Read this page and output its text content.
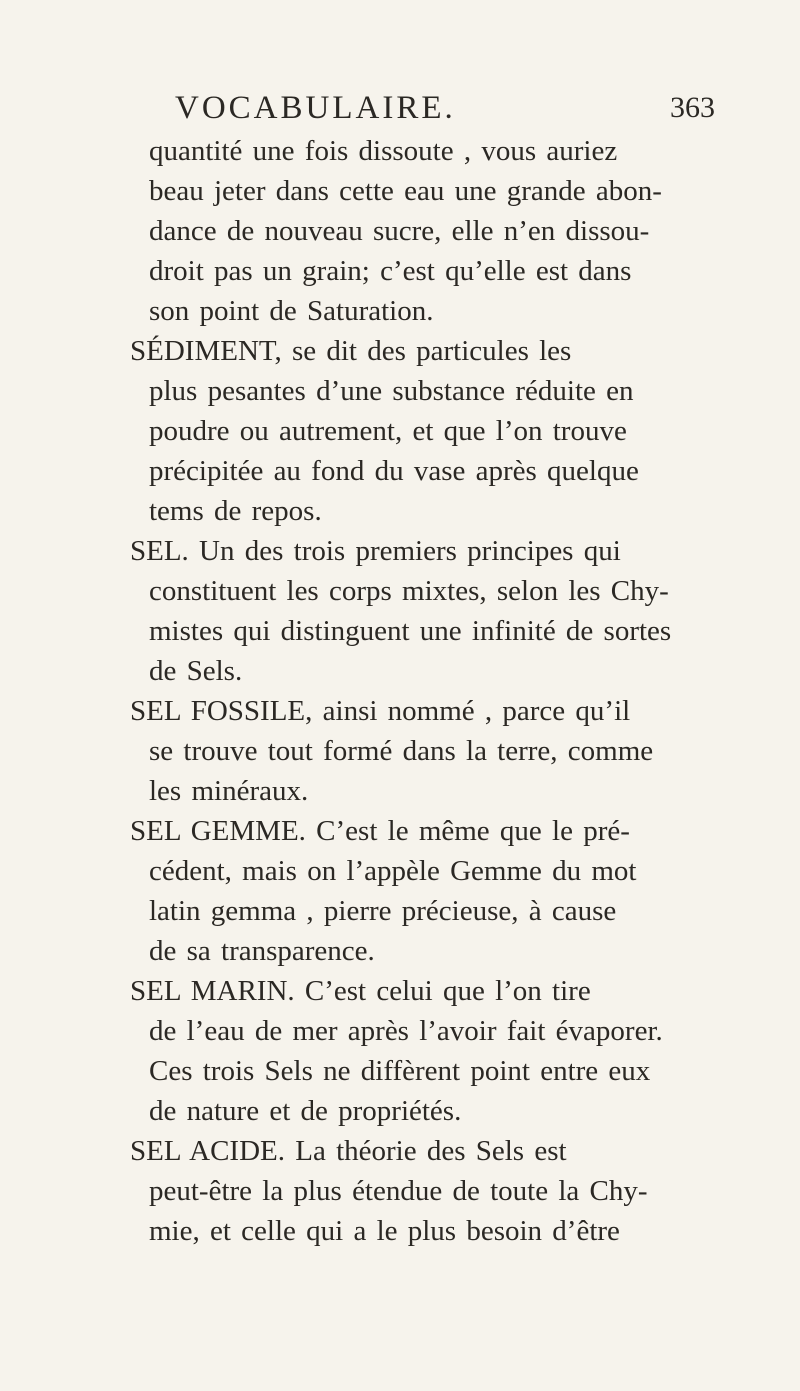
VOCABULAIRE.	363
quantité une fois dissoute , vous auriez
beau jeter dans cette eau une grande abon-
dance de nouveau sucre, elle n’en dissou-
droit pas un grain; c’est qu’elle est dans
son point de Saturation.
SÉDIMENT, se dit des particules les
plus pesantes d’une substance réduite en
poudre ou autrement, et que l’on trouve
précipitée au fond du vase après quelque
tems de repos.
SEL. Un des trois premiers principes qui
constituent les corps mixtes, selon les Chy-
mistes qui distinguent une infinité de sortes
de Sels.
SEL FOSSILE, ainsi nommé , parce qu’il
se trouve tout formé dans la terre, comme
les minéraux.
SEL GEMME. C’est le même que le pré-
cédent, mais on l’appèle Gemme du mot
latin gemma , pierre précieuse, à cause
de sa transparence.
SEL MARIN. C’est celui que l’on tire
de l’eau de mer après l’avoir fait évaporer.
Ces trois Sels ne diffèrent point entre eux
de nature et de propriétés.
SEL ACIDE. La théorie des Sels est
peut-être la plus étendue de toute la Chy-
mie, et celle qui a le plus besoin d’être
